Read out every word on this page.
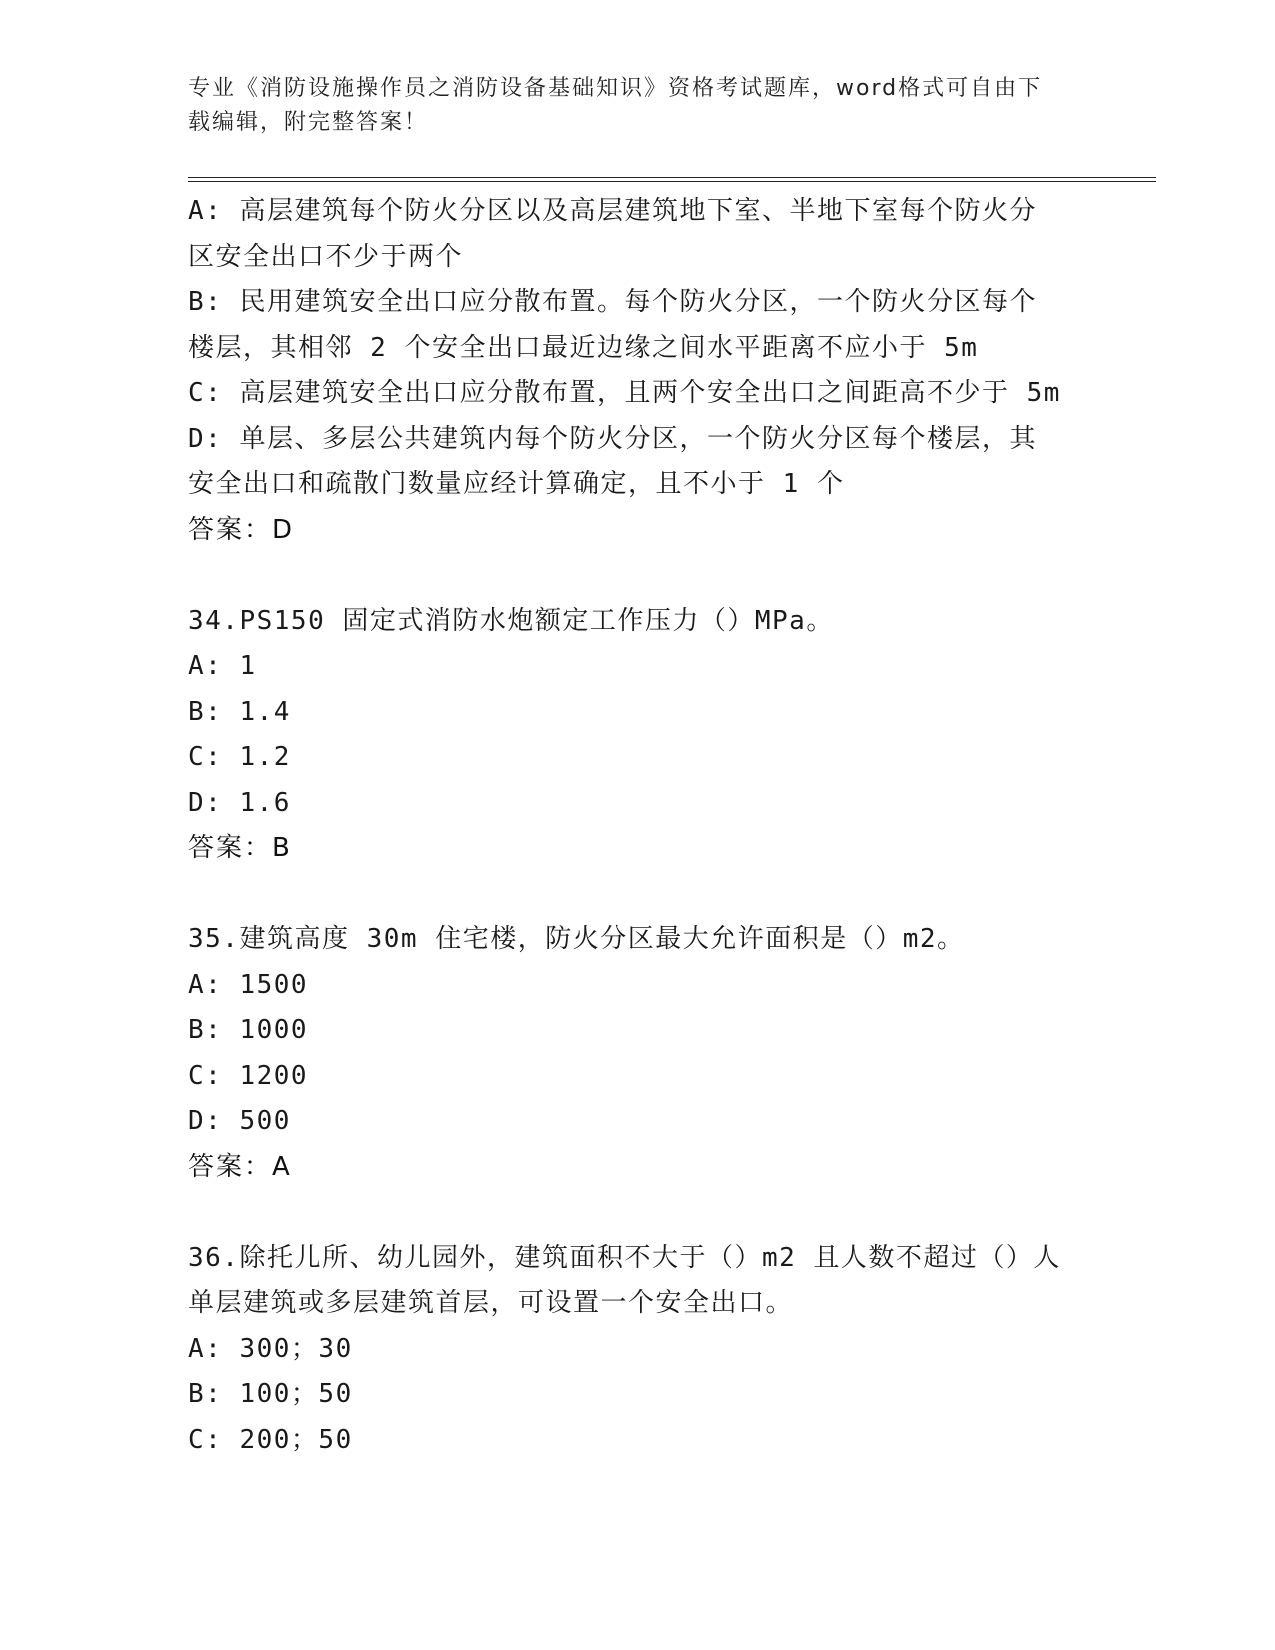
专业《消防设施操作员之消防设备基础知识》资格考试题库，word格式可自由下
载编辑，附完整答案！
A: 高层建筑每个防火分区以及高层建筑地下室、半地下室每个防火分
区安全出口不少于两个
B: 民用建筑安全出口应分散布置。每个防火分区，一个防火分区每个
楼层，其相邻 2 个安全出口最近边缘之间水平距离不应小于 5m
C: 高层建筑安全出口应分散布置，且两个安全出口之间距高不少于 5m
D: 单层、多层公共建筑内每个防火分区，一个防火分区每个楼层，其
安全出口和疏散门数量应经计算确定，且不小于 1 个
答案：D
34.PS150 固定式消防水炮额定工作压力（）MPa。
A: 1
B: 1.4
C: 1.2
D: 1.6
答案：B
35.建筑高度 30m 住宅楼，防火分区最大允许面积是（）m2。
A: 1500
B: 1000
C: 1200
D: 500
答案：A
36.除托儿所、幼儿园外，建筑面积不大于（）m2 且人数不超过（）人
单层建筑或多层建筑首层，可设置一个安全出口。
A: 300；30
B: 100；50
C: 200；50
